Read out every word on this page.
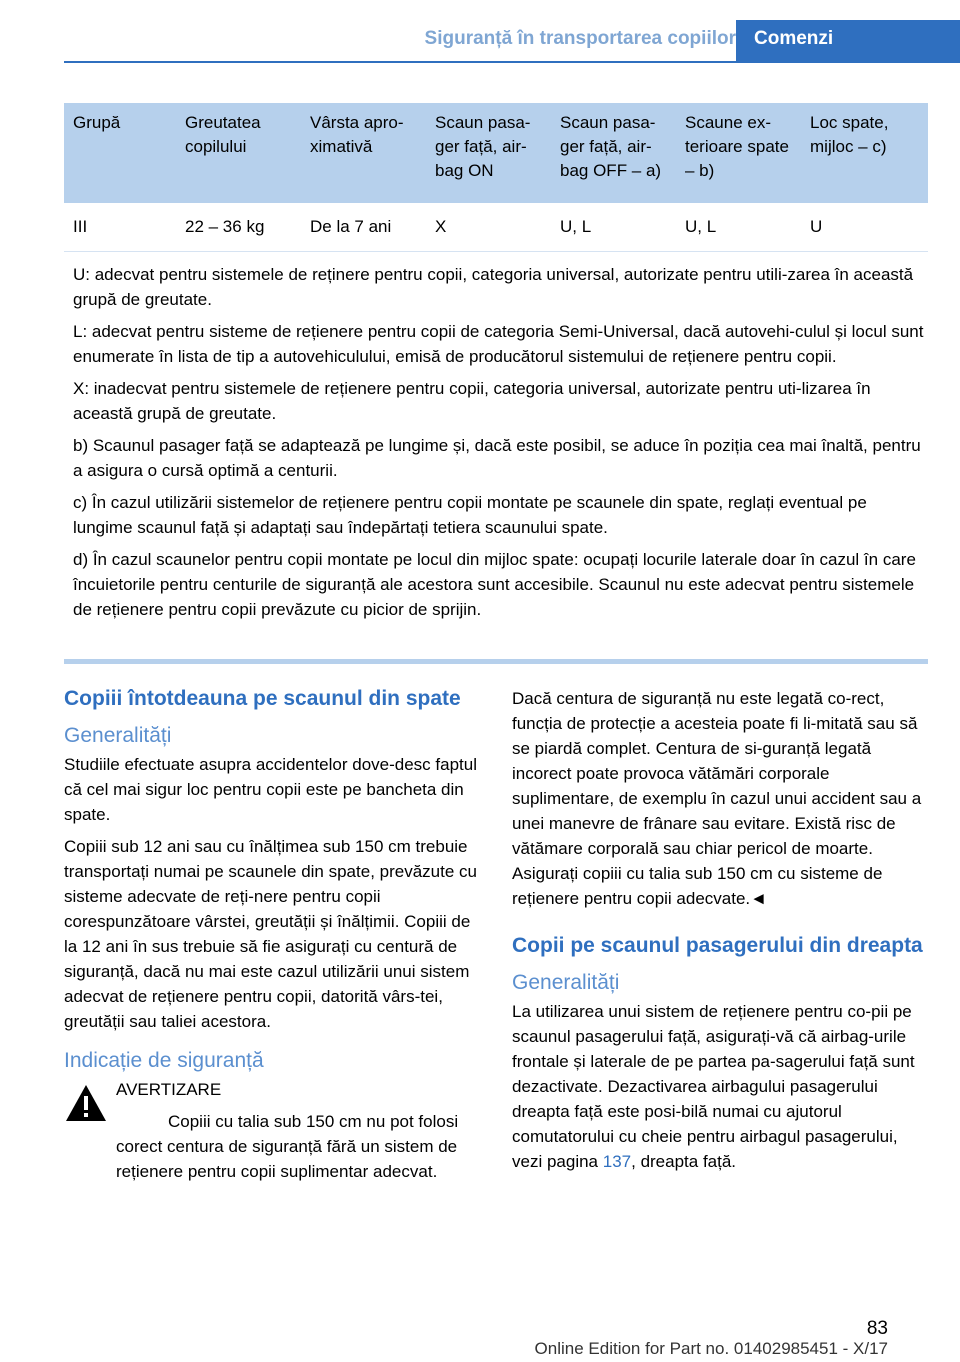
Siguranță în transportarea copiilor Comenzi
Grupă	Greutatea copilului	Vârsta apro-ximativă	Scaun pasa-ger față, air-bag ON	Scaun pasa-ger față, air-bag OFF – a)	Scaune ex-terioare spate – b)	Loc spate, mijloc – c)
III	22 – 36 kg	De la 7 ani	X	U, L	U, L	U

U: adecvat pentru sistemele de reținere pentru copii, categoria universal, autorizate pentru utili-zarea în această grupă de greutate.

L: adecvat pentru sisteme de rețienere pentru copii de categoria Semi-Universal, dacă autovehi-culul și locul sunt enumerate în lista de tip a autovehiculului, emisă de producătorul sistemului de rețienere pentru copii.

X: inadecvat pentru sistemele de rețienere pentru copii, categoria universal, autorizate pentru uti-lizarea în această grupă de greutate.

b) Scaunul pasager față se adaptează pe lungime și, dacă este posibil, se aduce în poziția cea mai înaltă, pentru a asigura o cursă optimă a centurii.

c) În cazul utilizării sistemelor de rețienere pentru copii montate pe scaunele din spate, reglați eventual pe lungime scaunul față și adaptați sau îndepărtați tetiera scaunului spate.

d) În cazul scaunelor pentru copii montate pe locul din mijloc spate: ocupați locurile laterale doar în cazul în care încuietorile pentru centurile de siguranță ale acestora sunt accesibile. Scaunul nu este adecvat pentru sistemele de rețienere pentru copii prevăzute cu picior de sprijin.

Copiii întotdeauna pe scaunul din spate
Generalități

Studiile efectuate asupra accidentelor dove-desc faptul că cel mai sigur loc pentru copii este pe bancheta din spate.

Copiii sub 12 ani sau cu înălțimea sub 150 cm trebuie transportați numai pe scaunele din spate, prevăzute cu sisteme adecvate de reți-nere pentru copii corespunzătoare vârstei, greutății și înălțimii. Copiii de la 12 ani în sus trebuie să fie asigurați cu centură de siguranță, dacă nu mai este cazul utilizării unui sistem adecvat de rețienere pentru copii, datorită vârs-tei, greutății sau taliei acestora.

Indicație de siguranță

AVERTIZARE

Copiii cu talia sub 150 cm nu pot folosi corect centura de siguranță fără un sistem de rețienere pentru copii suplimentar adecvat.

Dacă centura de siguranță nu este legată co-rect, funcția de protecție a acesteia poate fi li-mitată sau să se piardă complet. Centura de si-guranță legată incorect poate provoca vătămări corporale suplimentare, de exemplu în cazul unui accident sau a unei manevre de frânare sau evitare. Există risc de vătămare corporală sau chiar pericol de moarte. Asigurați copiii cu talia sub 150 cm cu sisteme de rețienere pentru copii adecvate.◄

Copii pe scaunul pasagerului din dreapta
Generalități

La utilizarea unui sistem de rețienere pentru co-pii pe scaunul pasagerului față, asigurați-vă că airbag-urile frontale și laterale de pe partea pa-sagerului față sunt dezactivate. Dezactivarea airbagului pasagerului dreapta față este posi-bilă numai cu ajutorul comutatorului cu cheie pentru airbagul pasagerului, vezi pagina 137, dreapta față.

83
Online Edition for Part no. 01402985451 - X/17
